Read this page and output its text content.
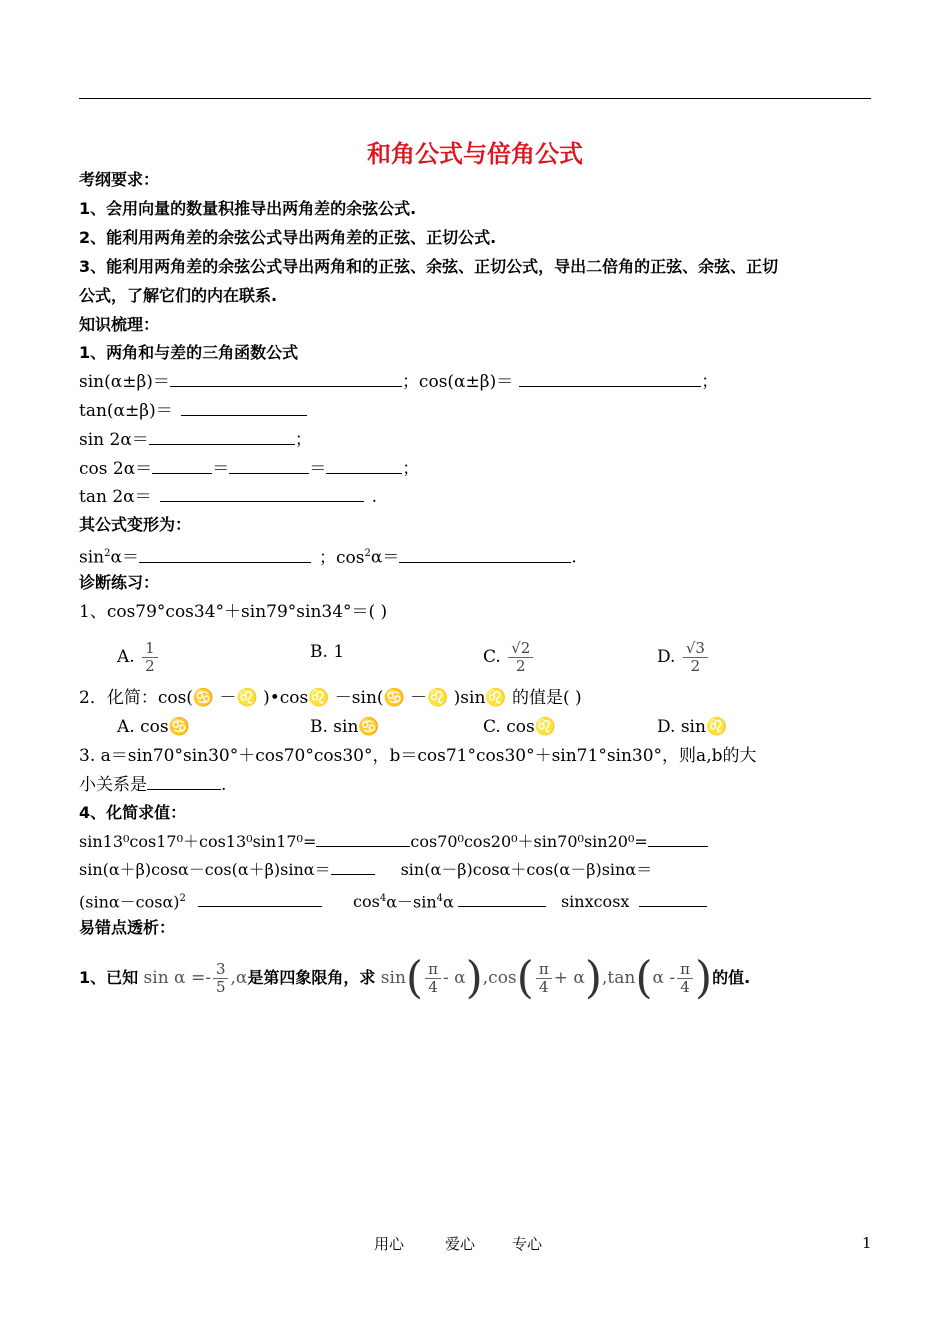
和角公式与倍角公式
考纲要求：
1、会用向量的数量积推导出两角差的余弦公式.
2、能利用两角差的余弦公式导出两角差的正弦、正切公式.
3、能利用两角差的余弦公式导出两角和的正弦、余弦、正切公式，导出二倍角的正弦、余弦、正切
公式，了解它们的内在联系.
知识梳理：
1、两角和与差的三角函数公式
sin(α±β)＝	；cos(α±β)＝	；
tan(α±β)＝
sin 2α＝	；
cos 2α＝	＝	＝	；
tan 2α＝	.
其公式变形为：
$\sin^2\alpha=$	；$\cos^2\alpha=$	.
诊断练习：
1、cos79°cos34°＋sin79°sin34°＝( )
A. $\frac{1}{2}$	B. 1	C. $\frac{√2}{2}$	D. $\frac{√3}{2}$
2．化简：cos(♋ －♌ )•cos♌ －sin(♋ －♌ )sin♌ 的值是( )
A. cos♋	B. sin♋	C. cos♌	D. sin♌
3. a＝sin70°sin30°＋cos70°cos30°，b＝cos71°cos30°＋sin71°sin30°，则a,b的大
小关系是	.
4、化简求值：
sin13⁰cos17⁰＋cos13⁰sin17⁰=	cos70⁰cos20⁰＋sin70⁰sin20⁰=
sin(α＋β)cosα－cos(α＋β)sinα＝	sin(α－β)cosα＋cos(α－β)sinα＝
$(\sin\alpha-\cos\alpha)^2$	$\cos^4\alpha-\sin^4\alpha$	sinxcosx
易错点透析：
1、已知 $\sin \alpha =- \frac{3}{5} ,\alpha$是第四象限角，求 $\sin( \frac{\pi}{4} - \alpha),\cos( \frac{\pi}{4} + \alpha),\tan(\alpha - \frac{\pi}{4}$ )的值.
用心	爱心 专心	1
